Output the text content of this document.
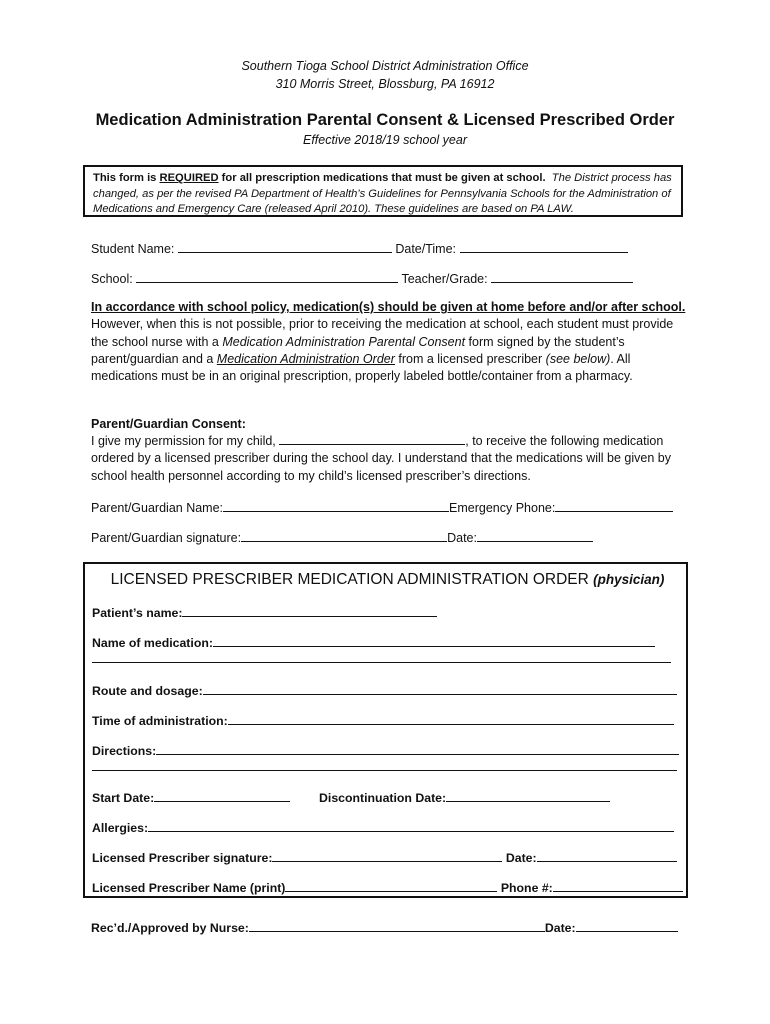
Southern Tioga School District Administration Office
310 Morris Street, Blossburg, PA 16912
Medication Administration Parental Consent & Licensed Prescribed Order
Effective 2018/19 school year
This form is REQUIRED for all prescription medications that must be given at school. The District process has changed, as per the revised PA Department of Health’s Guidelines for Pennsylvania Schools for the Administration of Medications and Emergency Care (released April 2010). These guidelines are based on PA LAW.
Student Name:	Date/Time:
School:	Teacher/Grade:
In accordance with school policy, medication(s) should be given at home before and/or after school. However, when this is not possible, prior to receiving the medication at school, each student must provide the school nurse with a Medication Administration Parental Consent form signed by the student’s parent/guardian and a Medication Administration Order from a licensed prescriber (see below). All medications must be in an original prescription, properly labeled bottle/container from a pharmacy.
Parent/Guardian Consent:
I give my permission for my child,	, to receive the following medication ordered by a licensed prescriber during the school day. I understand that the medications will be given by school health personnel according to my child’s licensed prescriber’s directions.
Parent/Guardian Name:	Emergency Phone:
Parent/Guardian signature:	Date:
LICENSED PRESCRIBER MEDICATION ADMINISTRATION ORDER (physician)
Patient’s name:
Name of medication:
Route and dosage:
Time of administration:
Directions:
Start Date:	Discontinuation Date:
Allergies:
Licensed Prescriber signature:	Date:
Licensed Prescriber Name (print)	Phone #:
Rec’d./Approved by Nurse:	Date:
